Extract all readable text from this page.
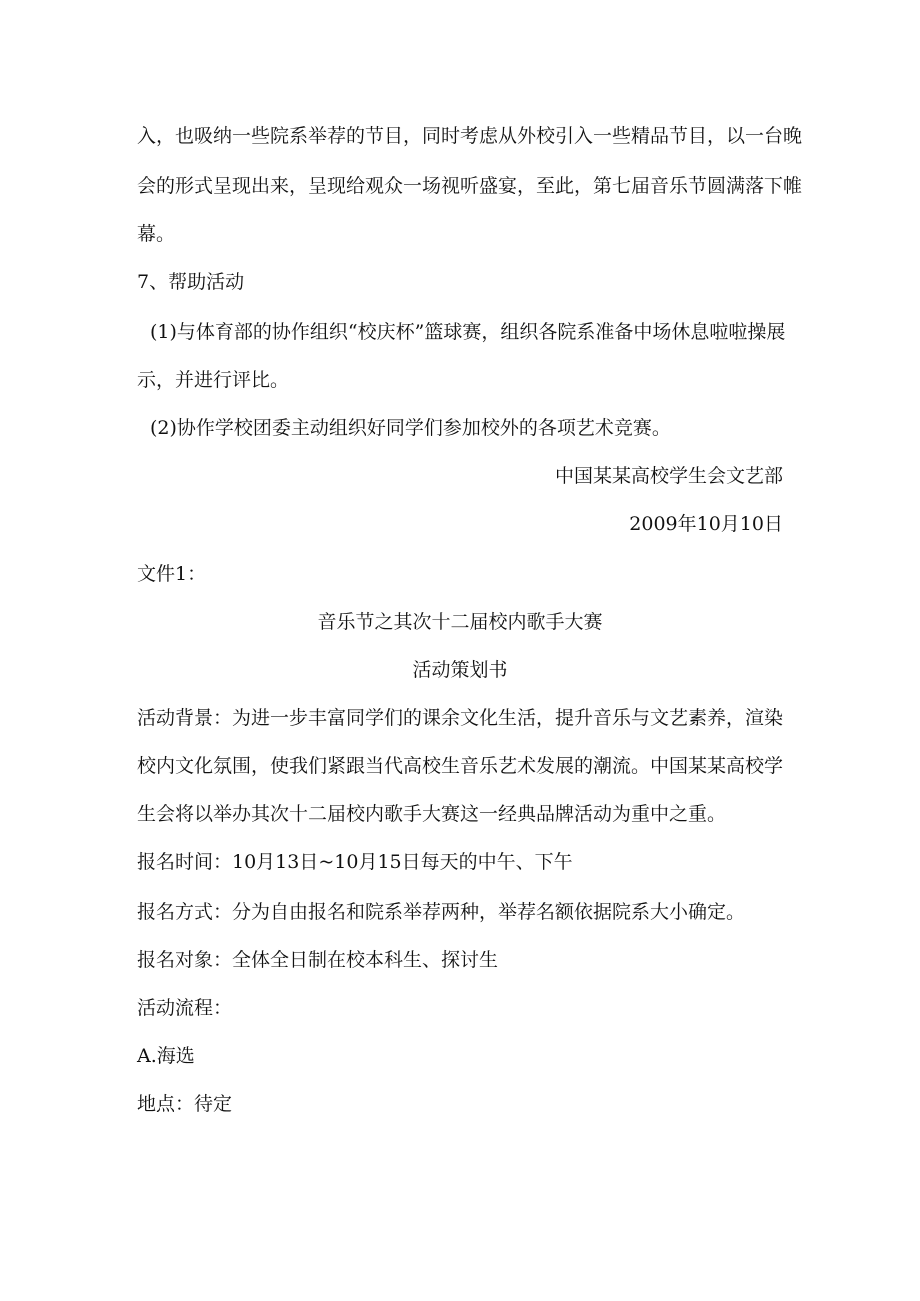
入，也吸纳一些院系举荐的节目，同时考虑从外校引入一些精品节目，以一台晚
会的形式呈现出来，呈现给观众一场视听盛宴，至此，第七届音乐节圆满落下帷
幕。
7、帮助活动
(1)与体育部的协作组织“校庆杯”篮球赛，组织各院系准备中场休息啦啦操展
示，并进行评比。
(2)协作学校团委主动组织好同学们参加校外的各项艺术竞赛。
中国某某高校学生会文艺部
2009年10月10日
文件1：
音乐节之其次十二届校内歌手大赛
活动策划书
活动背景：为进一步丰富同学们的课余文化生活，提升音乐与文艺素养，渲染
校内文化氛围，使我们紧跟当代高校生音乐艺术发展的潮流。中国某某高校学
生会将以举办其次十二届校内歌手大赛这一经典品牌活动为重中之重。
报名时间：10月13日~10月15日每天的中午、下午
报名方式：分为自由报名和院系举荐两种，举荐名额依据院系大小确定。
报名对象：全体全日制在校本科生、探讨生
活动流程：
A.海选
地点：待定
